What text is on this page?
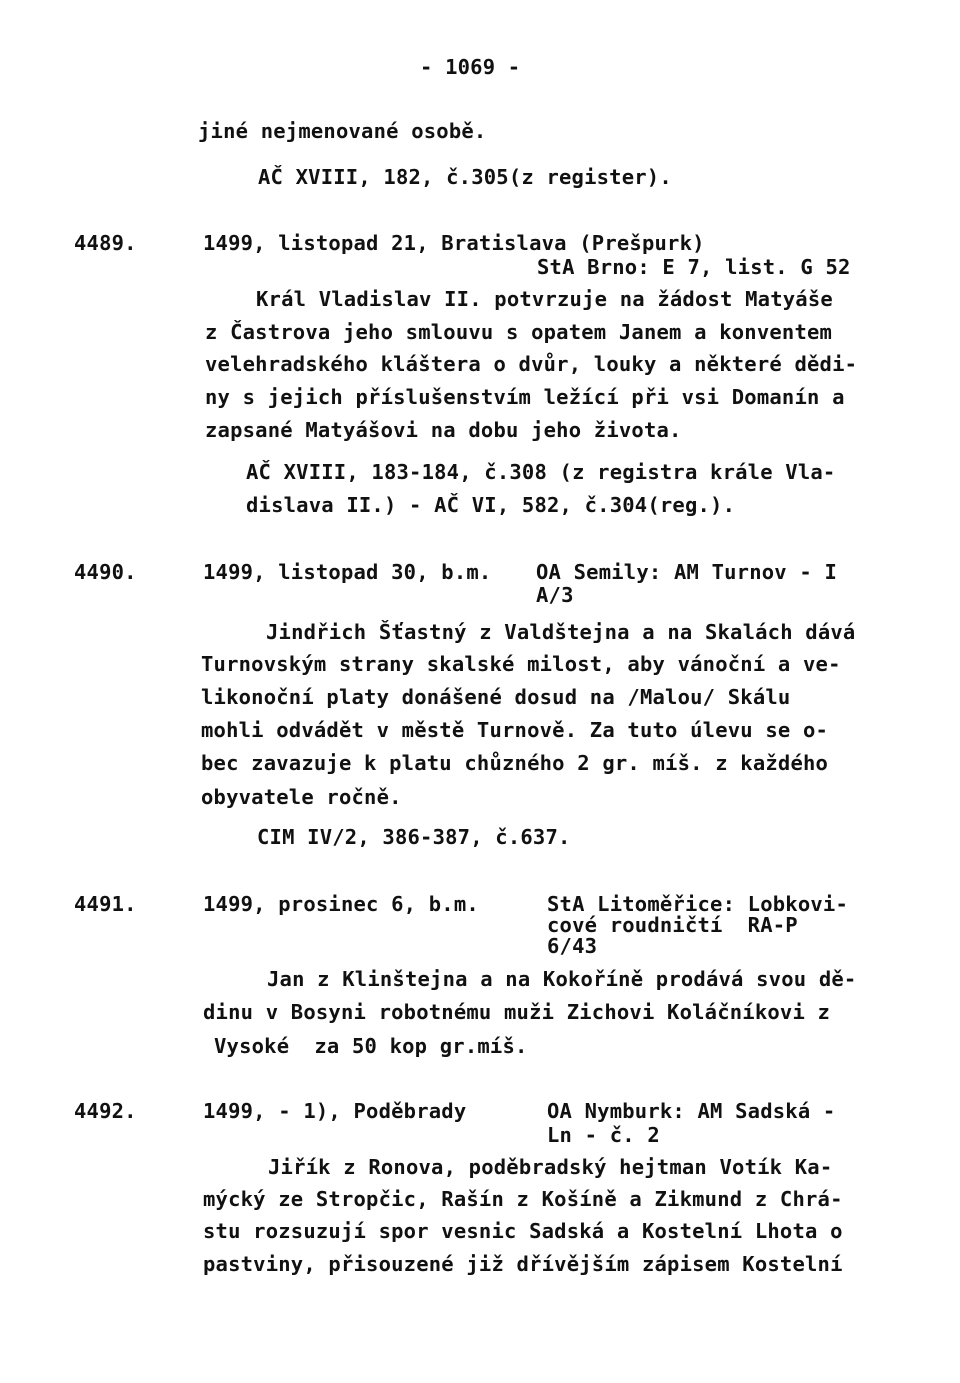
- 1069 -
jiné nejmenované osobě.
AČ XVIII, 182, č.305(z register).
4489.	1499, listopad 21, Bratislava (Prešpurk)
StA Brno: E 7, list. G 52
Král Vladislav II. potvrzuje na žádost Matyáše
z Častrova jeho smlouvu s opatem Janem a konventem
velehradského kláštera o dvůr, louky a některé dědi-
ny s jejich příslušenstvím ležící při vsi Domanín a
zapsané Matyášovi na dobu jeho života.
AČ XVIII, 183-184, č.308 (z registra krále Vla-
dislava II.) - AČ VI, 582, č.304(reg.).
4490.	1499, listopad 30, b.m. OA Semily: AM Turnov - I
A/3
Jindřich Šťastný z Valdštejna a na Skalách dává
Turnovským strany skalské milost, aby vánoční a ve-
likonoční platy donášené dosud na /Malou/ Skálu
mohli odvádět v městě Turnově. Za tuto úlevu se o-
bec zavazuje k platu chůzného 2 gr. míš. z každého
obyvatele ročně.
CIM IV/2, 386-387, č.637.
4491.	1499, prosinec 6, b.m.	StA Litoměřice: Lobkovi-
cové roudničtí  RA-P
6/43
Jan z Klinštejna a na Kokoříně prodává svou dě-
dinu v Bosyni robotnému muži Zichovi Koláčníkovi z
Vysoké  za 50 kop gr.míš.
4492.	1499, - 1), Poděbrady	OA Nymburk: AM Sadská -
Ln - č. 2
Jiřík z Ronova, poděbradský hejtman Votík Ka-
mýcký ze Stropčic, Rašín z Košíně a Zikmund z Chrá-
stu rozsuzují spor vesnic Sadská a Kostelní Lhota o
pastviny, přisouzené již dřívějším zápisem Kostelní
